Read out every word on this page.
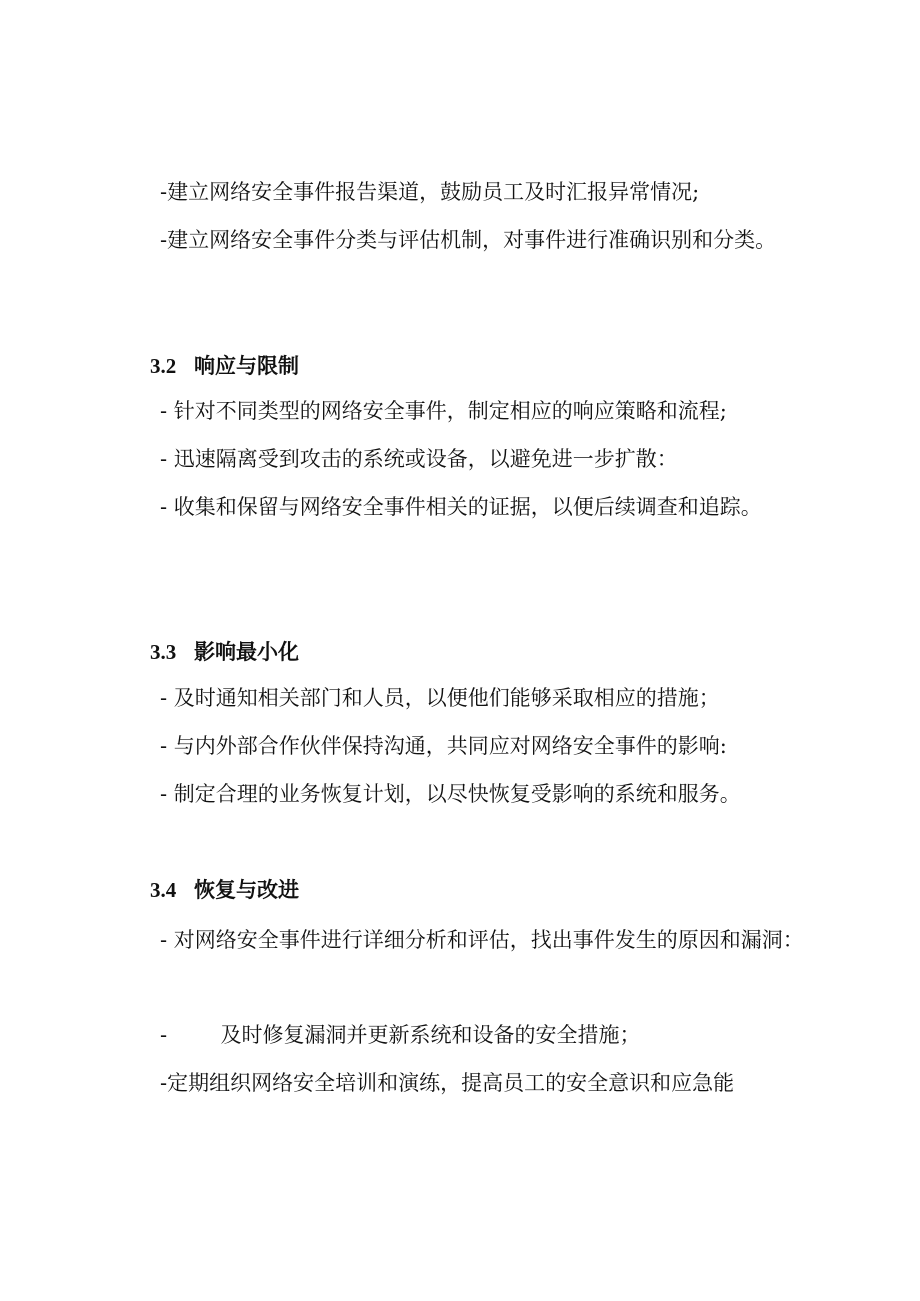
-建立网络安全事件报告渠道，鼓励员工及时汇报异常情况;

-建立网络安全事件分类与评估机制，对事件进行准确识别和分类。

3.2 响应与限制

- 针对不同类型的网络安全事件，制定相应的响应策略和流程;

- 迅速隔离受到攻击的系统或设备，以避免进一步扩散：

- 收集和保留与网络安全事件相关的证据，以便后续调查和追踪。

3.3 影响最小化

- 及时通知相关部门和人员，以便他们能够采取相应的措施；

- 与内外部合作伙伴保持沟通，共同应对网络安全事件的影响:

- 制定合理的业务恢复计划，以尽快恢复受影响的系统和服务。

3.4 恢复与改进

- 对网络安全事件进行详细分析和评估，找出事件发生的原因和漏洞：

-        及时修复漏洞并更新系统和设备的安全措施；

-定期组织网络安全培训和演练，提高员工的安全意识和应急能
